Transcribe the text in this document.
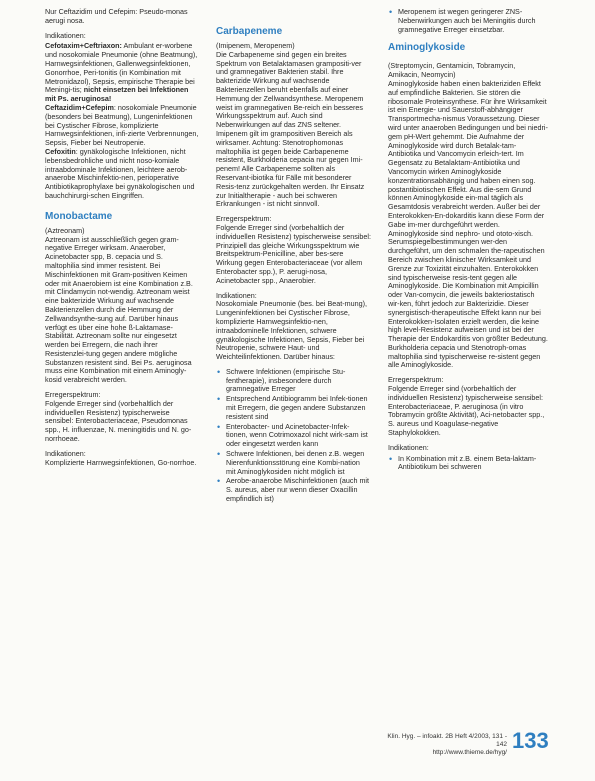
Nur Ceftazidim und Cefepim: Pseudo-monas aerugi nosa.

Indikationen:

Cefotaxim+Ceftriaxon: Ambulant er-worbene und nosokomiale Pneumonie (ohne Beatmung), Harnwegsinfektionen, Gallenwegsinfektionen, Gonorrhoe, Peri-tonitis (in Kombination mit Metronidazol), Sepsis, empirische Therapie bei Meningi-tis; nicht einsetzen bei Infektionen mit Ps. aeruginosa!

Ceftazidim+Cefepim: nosokomiale Pneumonie (besonders bei Beatmung), Lungeninfektionen bei Cystischer Fibrose, komplizierte Harnwegsinfektionen, infi-zierte Verbrennungen, Sepsis, Fieber bei Neutropenie.

Cefoxitin: gynäkologische Infektionen, nicht lebensbedrohliche und nicht noso-komiale intraabdominale Infektionen, leichtere aerob-anaerobe Mischinfektio-nen, perioperative Antibiotikaprophylaxe bei gynäkologischen und bauchchirurgi-schen Eingriffen.

Monobactame

(Aztreonam)

Aztreonam ist ausschließlich gegen gram-negative Erreger wirksam. Anaerober, Acinetobacter spp, B. cepacia und S. maltophilia sind immer resistent. Bei Mischinfektionen mit Gram-positiven Keimen oder mit Anaerobiern ist eine Kombination z.B. mit Clindamycin not-wendig. Aztreonam weist eine bakterizide Wirkung auf wachsende Bakterienzellen durch die Hemmung der Zellwandsynthe-sung auf. Darüber hinaus verfügt es über eine hohe ß-Laktamase-Stabilität. Aztreonam sollte nur eingesetzt werden bei Erregern, die nach ihrer Resistenzlei-tung gegen andere mögliche Substanzen resistent sind. Bei Ps. aeruginosa muss eine Kombination mit einem Aminogly-kosid verabreicht werden.

Erregerspektrum:

Folgende Erreger sind (vorbehaltlich der individuellen Resistenz) typischerweise sensibel: Enterobacteriaceae, Pseudomonas spp., H. influenzae, N. meningitidis und N. go-norrhoeae.

Indikationen:

Komplizierte Harnwegsinfektionen, Go-norrhoe.

Carbapeneme

(Imipenem, Meropenem)

Die Carbapeneme sind gegen ein breites Spektrum von Betalaktamasen grampositi-ver und gramnegativer Bakterien stabil. Ihre bakterizide Wirkung auf wachsende Bakterienzellen beruht ebenfalls auf einer Hemmung der Zellwandsynthese. Meropenem weist im gramnegativen Be-reich ein besseres Wirkungsspektrum auf. Auch sind Nebenwirkungen auf das ZNS seltener. Imipenem gilt im grampositiven Bereich als wirksamer. Achtung: Stenotrophomonas maltophilia ist gegen beide Carbapeneme resistent, Burkholderia cepacia nur gegen Imi-penem! Alle Carbapeneme sollten als Reservant-ibiotika für Fälle mit besonderer Resis-tenz zurückgehalten werden. Ihr Einsatz zur Initialtherapie - auch bei schweren Erkrankungen - ist nicht sinnvoll.

Erregerspektrum:

Folgende Erreger sind (vorbehaltlich der individuellen Resistenz) typischerweise sensibel: Prinzipiell das gleiche Wirkungsspektrum wie Breitspektrum-Penicilline, aber bes-sere Wirkung gegen Enterobacteriaceae (vor allem Enterobacter spp.), P. aerugi-nosa, Acinetobacter spp., Anaerobier.

Indikationen:

Nosokomiale Pneumonie (bes. bei Beat-mung), Lungeninfektionen bei Cystischer Fibrose, komplizierte Harnwegsinfektio-nen, intraabdominelle Infektionen, schwere gynäkologische Infektionen, Sepsis, Fieber bei Neutropenie, schwere Haut- und Weichteilinfektionen. Darüber hinaus:

• Schwere Infektionen (empirische Stu-fentherapie), insbesondere durch gramnegative Erreger
• Entsprechend Antibiogramm bei Infek-tionen mit Erregern, die gegen andere Substanzen resistent sind
• Enterobacter- und Acinetobacter-Infek-tionen, wenn Cotrimoxazol nicht wirk-sam ist oder eingesetzt werden kann
• Schwere Infektionen, bei denen z.B. wegen Nierenfunktionsstörung eine Kombi-nation mit Aminoglykosiden nicht möglich ist
• Aerobe-anaerobe Mischinfektionen (auch mit S. aureus, aber nur wenn dieser Oxacillin empfindlich ist)
• Meropenem ist wegen geringerer ZNS-Nebenwirkungen auch bei Meningitis durch gramnegative Erreger einsetzbar.
Aminoglykoside

(Streptomycin, Gentamicin, Tobramycin, Amikacin, Neomycin)

Aminoglykoside haben einen bakteriziden Effekt auf empfindliche Bakterien. Sie stören die ribosomale Proteinsynthese. Für ihre Wirksamkeit ist ein Energie- und Sauerstoff-abhängiger Transportmecha-nismus Voraussetzung. Dieser wird unter anaeroben Bedingungen und bei niedri-gem pH-Wert gehemmt. Die Aufnahme der Aminoglykoside wird durch Betalak-tam-Antibiotika und Vancomycin erleich-tert. Im Gegensatz zu Betalaktam-Antibiotika und Vancomycin wirken Aminoglykoside konzentrationsabhängig und haben einen sog. postantibiotischen Effekt. Aus die-sem Grund können Aminoglykoside ein-mal täglich als Gesamtdosis verabreicht werden. Außer bei der Enterokokken-En-dokarditis kann diese Form der Gabe im-mer durchgeführt werden. Aminoglykoside sind nephro- und ototo-xisch. Serumspiegelbestimmungen wer-den durchgeführt, um den schmalen the-rapeutischen Bereich zwischen klinischer Wirksamkeit und Grenze zur Toxizität einzuhalten. Enterokokken sind typischerweise resis-tent gegen alle Aminoglykoside. Die Kombination mit Ampicillin oder Van-comycin, die jeweils bakteriostatisch wir-ken, führt jedoch zur Bakterizidie. Dieser synergistisch-therapeutische Effekt kann nur bei Enterokokken-Isolaten erzielt werden, die keine high level-Resistenz aufweisen und ist bei der Therapie der Endokarditis von größter Bedeutung. Burkholderia cepacia und Stenotroph-omas maltophilia sind typischerweise re-sistent gegen alle Aminoglykoside.

Erregerspektrum:

Folgende Erreger sind (vorbehaltlich der individuellen Resistenz) typischerweise sensibel: Enterobacteriaceae, P. aeruginosa (in vitro Tobramycin größte Aktivität), Aci-netobacter spp., S. aureus und Koagulase-negative Staphylokokken.

Indikationen:

• In Kombination mit z.B. einem Beta-laktam-Antibiotikum bei schweren
Klin. Hyg. – infoakt. 2B Heft 4/2003, 131 - 142
http://www.thieme.de/hyg/ 133
